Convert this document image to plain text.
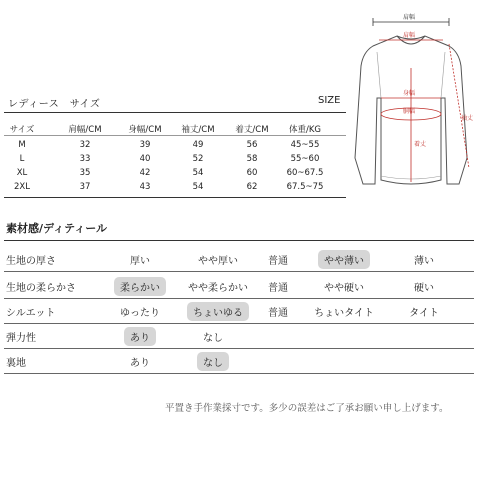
レディース　サイズ	SIZE
サイズ	肩幅/CM	身幅/CM 袖丈/CM 着丈/CM 体重/KG
M	32	39	49	56	45~55
L	33	40	52	58	55~60
XL	35	42	54	60	60~67.5
2XL	37	43	54	62	67.5~75
肩幅
肩幅
身幅
胴幅
着丈
袖丈
素材感/ディティール
生地の厚さ	厚い	やや厚い	普通	やや薄い	薄い
生地の柔らかさ	柔らかい	やや柔らかい	普通	やや硬い	硬い
シルエット	ゆったり	ちょいゆる	普通	ちょいタイト	タイト
弾力性	あり	なし
裏地	あり	なし
平置き手作業採寸です。多少の誤差はご了承お願い申し上げます。
